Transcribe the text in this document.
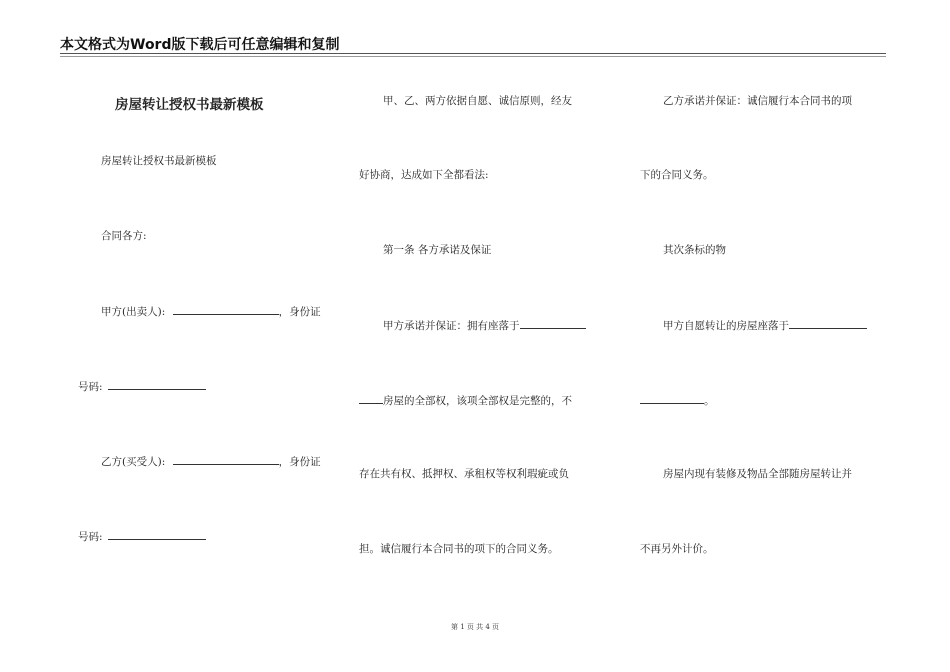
本文格式为Word版下载后可任意编辑和复制
房屋转让授权书最新模板
房屋转让授权书最新模板
合同各方:
甲方(出卖人):	，身份证
号码:
乙方(买受人):	，身份证
号码:
甲、乙、两方依据自愿、诚信原则，经友
好协商，达成如下全都看法:
第一条 各方承诺及保证
甲方承诺并保证：拥有座落于
房屋的全部权，该项全部权是完整的，不
存在共有权、抵押权、承租权等权利瑕疵或负
担。诚信履行本合同书的项下的合同义务。
乙方承诺并保证：诚信履行本合同书的项
下的合同义务。
其次条标的物
甲方自愿转让的房屋座落于
。
房屋内现有装修及物品全部随房屋转让并
不再另外计价。
第 1 页 共 4 页
